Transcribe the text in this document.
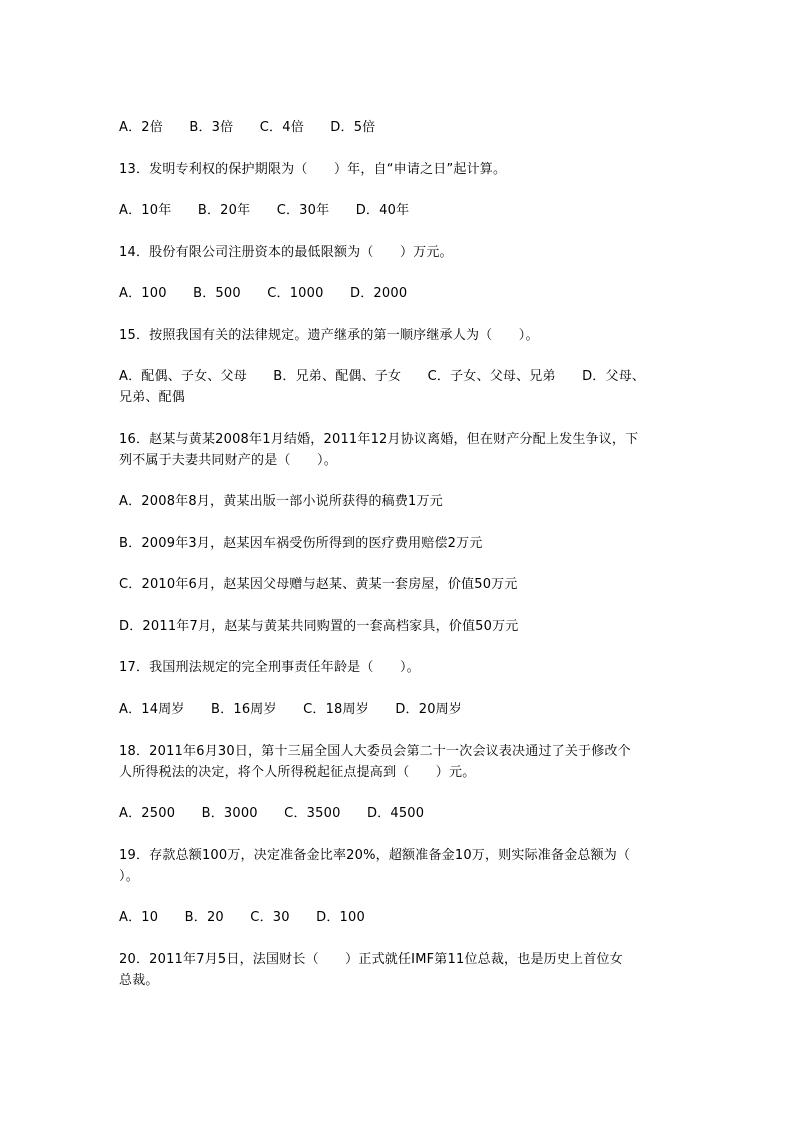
A．2倍　　B．3倍　　C．4倍　　D．5倍
13．发明专利权的保护期限为（　　）年，自“申请之日”起计算。
A．10年　　B．20年　　C．30年　　D．40年
14．股份有限公司注册资本的最低限额为（　　）万元。
A．100　　B．500　　C．1000　　D．2000
15．按照我国有关的法律规定。遗产继承的第一顺序继承人为（　　）。
A．配偶、子女、父母　　B．兄弟、配偶、子女　　C．子女、父母、兄弟　　D．父母、
兄弟、配偶
16．赵某与黄某2008年1月结婚，2011年12月协议离婚，但在财产分配上发生争议，下
列不属于夫妻共同财产的是（　　）。
A．2008年8月，黄某出版一部小说所获得的稿费1万元
B．2009年3月，赵某因车祸受伤所得到的医疗费用赔偿2万元
C．2010年6月，赵某因父母赠与赵某、黄某一套房屋，价值50万元
D．2011年7月，赵某与黄某共同购置的一套高档家具，价值50万元
17．我国刑法规定的完全刑事责任年龄是（　　）。
A．14周岁　　B．16周岁　　C．18周岁　　D．20周岁
18．2011年6月30日，第十三届全国人大委员会第二十一次会议表决通过了关于修改个
人所得税法的决定，将个人所得税起征点提高到（　　）元。
A．2500　　B．3000　　C．3500　　D．4500
19．存款总额100万，决定准备金比率20%，超额准备金10万，则实际准备金总额为（
）。
A．10　　B．20　　C．30　　D．100
20．2011年7月5日，法国财长（　　）正式就任IMF第11位总裁，也是历史上首位女
总裁。
